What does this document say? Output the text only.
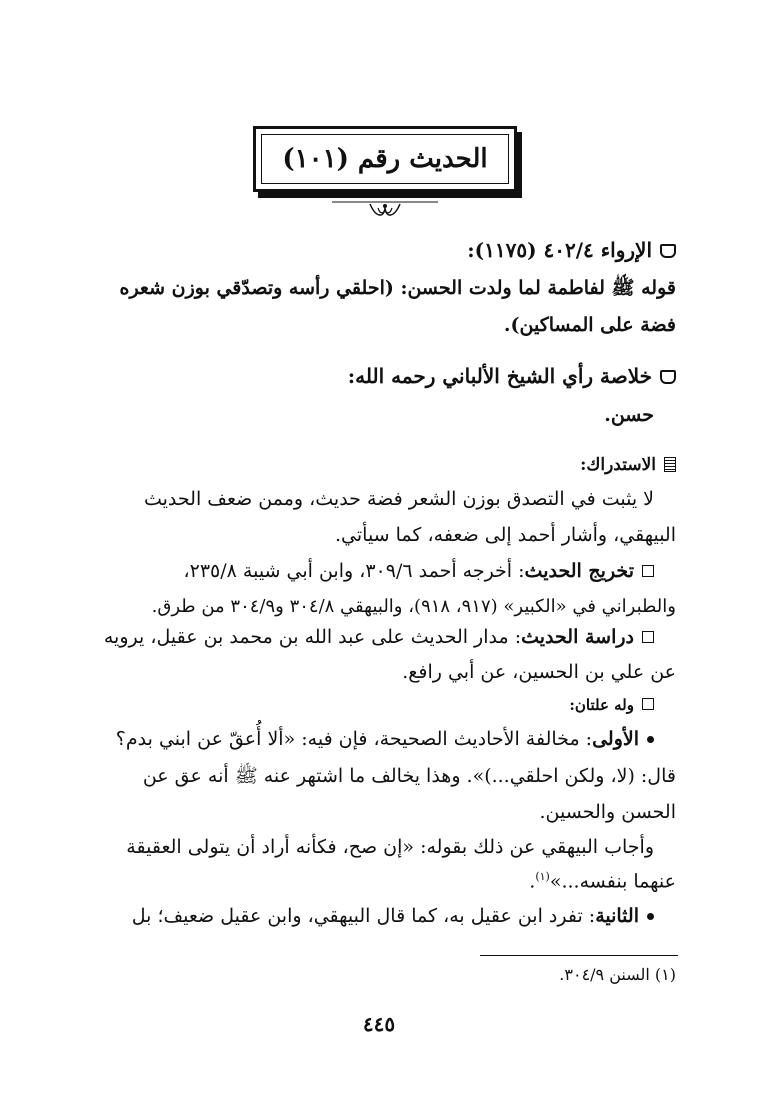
الحديث رقم (١٠١)
الإرواء ٤٠٢/٤ (١١٧٥):
قوله ﷺ لفاطمة لما ولدت الحسن: (احلقي رأسه وتصدّقي بوزن شعره
فضة على المساكين).
خلاصة رأي الشيخ الألباني رحمه الله:
حسن.
الاستدراك:
لا يثبت في التصدق بوزن الشعر فضة حديث، وممن ضعف الحديث
البيهقي، وأشار أحمد إلى ضعفه، كما سيأتي.
تخريج الحديث: أخرجه أحمد ٣٠٩/٦، وابن أبي شيبة ٢٣٥/٨،
والطبراني في «الكبير» (٩١٧، ٩١٨)، والبيهقي ٣٠٤/٨ و٣٠٤/٩ من طرق.
دراسة الحديث: مدار الحديث على عبد الله بن محمد بن عقيل، يرويه
عن علي بن الحسين، عن أبي رافع.
وله علتان:
الأولى: مخالفة الأحاديث الصحيحة، فإن فيه: «ألا أُعقّ عن ابني بدم؟
قال: (لا، ولكن احلقي...)». وهذا يخالف ما اشتهر عنه ﷺ أنه عق عن
الحسن والحسين.
وأجاب البيهقي عن ذلك بقوله: «إن صح، فكأنه أراد أن يتولى العقيقة
عنهما بنفسه...»$^{(١)}$.
الثانية: تفرد ابن عقيل به، كما قال البيهقي، وابن عقيل ضعيف؛ بل
(١) السنن ٣٠٤/٩.
٤٤٥
